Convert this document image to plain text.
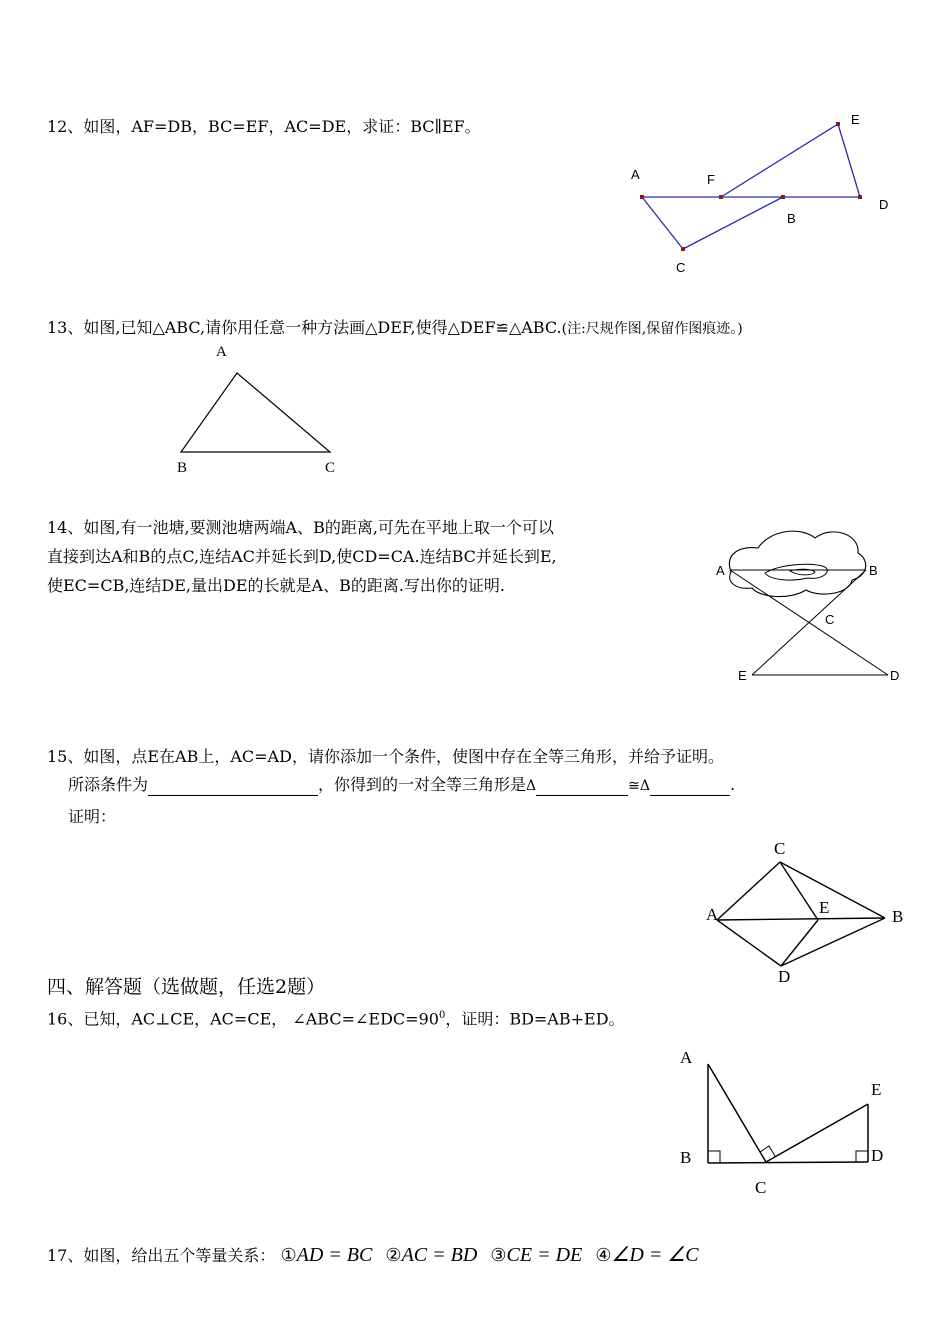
12、如图，AF=DB，BC=EF，AC=DE，求证：BC∥EF。
A	F
E
D
B
C
13、如图,已知△ABC,请你用任意一种方法画△DEF,使得△DEF≌△ABC.(注:尺规作图,保留作图痕迹。)
A
B	C
14、如图,有一池塘,要测池塘两端A、B的距离,可先在平地上取一个可以
直接到达A和B的点C,连结AC并延长到D,使CD=CA.连结BC并延长到E,
使EC=CB,连结DE,量出DE的长就是A、B的距离.写出你的证明.
A	B
C
E	D
15、如图，点E在AB上，AC=AD，请你添加一个条件，使图中存在全等三角形，并给予证明。
所添条件为	，你得到的一对全等三角形是Δ	≅Δ	.
证明：
C
A	E	B
D
四、解答题（选做题，任选2题）
16、已知，AC⊥CE，AC=CE， $\angle ABC=\angle EDC=90^0$，证明：BD=AB+ED。
A
B
C
E
D
17、如图，给出五个等量关系： ①AD = BC ②AC = BD ③CE = DE ④∠D = ∠C
